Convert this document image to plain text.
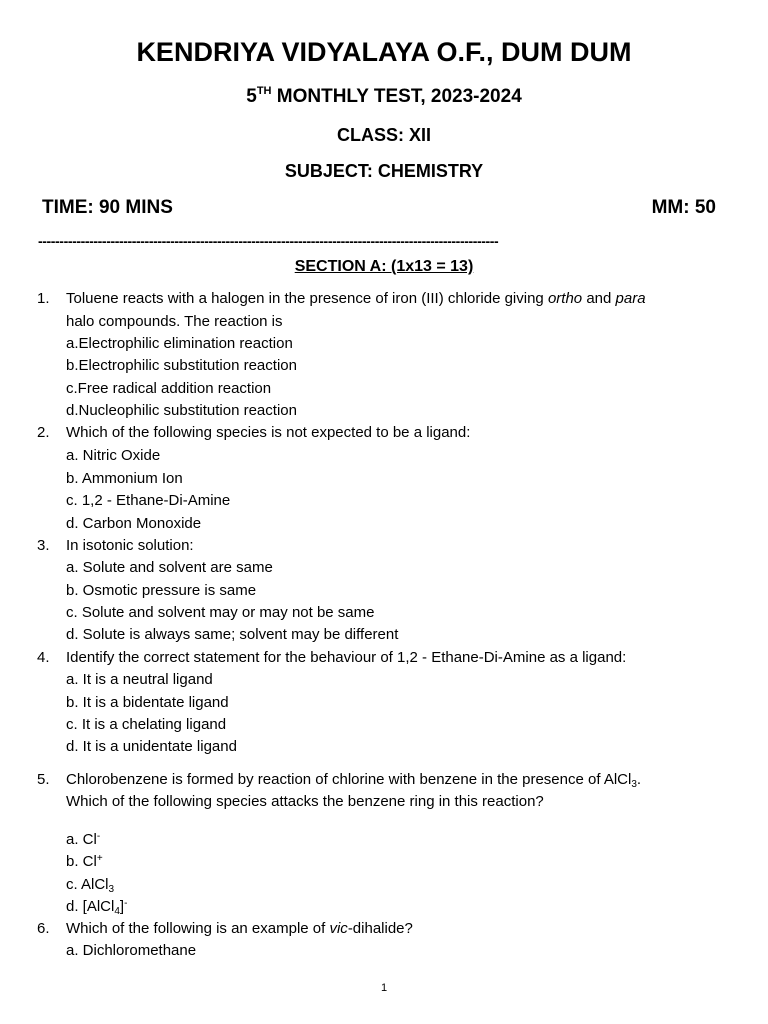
KENDRIYA VIDYALAYA O.F., DUM DUM
5TH MONTHLY TEST, 2023-2024
CLASS: XII
SUBJECT: CHEMISTRY
TIME: 90 MINS	MM: 50
------------------------------------------------------------------------------------------------------------
SECTION A: (1x13 = 13)
1. Toluene reacts with a halogen in the presence of iron (III) chloride giving ortho and para
halo compounds. The reaction is
a.Electrophilic elimination reaction
b.Electrophilic substitution reaction
c.Free radical addition reaction
d.Nucleophilic substitution reaction
2. Which of the following species is not expected to be a ligand:
a. Nitric Oxide
b. Ammonium Ion
c. 1,2 - Ethane-Di-Amine
d. Carbon Monoxide
3. In isotonic solution:
a. Solute and solvent are same
b. Osmotic pressure is same
c. Solute and solvent may or may not be same
d. Solute is always same; solvent may be different
4. Identify the correct statement for the behaviour of 1,2 - Ethane-Di-Amine as a ligand:
a. It is a neutral ligand
b. It is a bidentate ligand
c. It is a chelating ligand
d. It is a unidentate ligand
5. Chlorobenzene is formed by reaction of chlorine with benzene in the presence of AlCl$_3$.
Which of the following species attacks the benzene ring in this reaction?
a. Cl-
b. Cl+
c. AlCl$_3$
d. [AlCl$_4$]-
6. Which of the following is an example of vic-dihalide?
a. Dichloromethane
1
